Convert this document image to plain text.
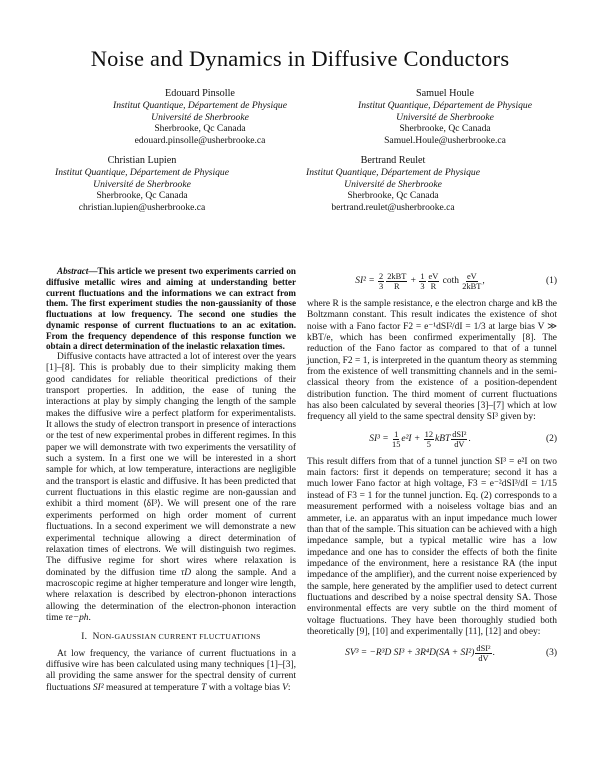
Noise and Dynamics in Diffusive Conductors
Edouard Pinsolle
Institut Quantique, Département de Physique
Université de Sherbrooke
Sherbrooke, Qc Canada
edouard.pinsolle@usherbrooke.ca
Samuel Houle
Institut Quantique, Département de Physique
Université de Sherbrooke
Sherbrooke, Qc Canada
Samuel.Houle@usherbrooke.ca
Christian Lupien
Institut Quantique, Département de Physique
Université de Sherbrooke
Sherbrooke, Qc Canada
christian.lupien@usherbrooke.ca
Bertrand Reulet
Institut Quantique, Département de Physique
Université de Sherbrooke
Sherbrooke, Qc Canada
bertrand.reulet@usherbrooke.ca

Abstract—This article we present two experiments carried on diffusive metallic wires and aiming at understanding better current fluctuations and the informations we can extract from them. The first experiment studies the non-gaussianity of those fluctuations at low frequency. The second one studies the dynamic response of current fluctuations to an ac exitation. From the frequency dependence of this response function we obtain a direct determination of the inelastic relaxation times.

Diffusive contacts have attracted a lot of interest over the years [1]–[8]. This is probably due to their simplicity making them good candidates for reliable theoritical predictions of their transport properties. In addition, the ease of tuning the interactions at play by simply changing the length of the sample makes the diffusive wire a perfect platform for experimentalists. It allows the study of electron transport in presence of interactions or the test of new experimental probes in different regimes. In this paper we will demonstrate with two experiments the versatility of such a system. In a first one we will be interested in a short sample for which, at low temperature, interactions are negligible and the transport is elastic and diffusive. It has been predicted that current fluctuations in this elastic regime are non-gaussian and exhibit a third moment ⟨δI³⟩. We will present one of the rare experiments performed on high order moment of current fluctuations. In a second experiment we will demonstrate a new experimental technique allowing a direct determination of relaxation times of electrons. We will distinguish two regimes. The diffusive regime for short wires where relaxation is dominated by the diffusion time τD along the sample. And a macroscopic regime at higher temperature and longer wire length, where relaxation is described by electron-phonon interactions allowing the determination of the electron-phonon interaction time τe−ph.

I. NON-GAUSSIAN CURRENT FLUCTUATIONS

At low frequency, the variance of current fluctuations in a diffusive wire has been calculated using many techniques [1]–[3], all providing the same answer for the spectral density of current fluctuations SI² measured at temperature T with a voltage bias V:

SI² =
$\frac{2}{3} 2kBT$
R

+
$\frac{1}{3} \frac{eV}{R}$
coth
eV
2kBT
,	(1)

where R is the sample resistance, e the electron charge and kB the Boltzmann constant. This result indicates the existence of shot noise with a Fano factor F2 = e⁻¹dSI²/dI = 1/3 at large bias V ≫ kBT/e, which has been confirmed experimentally [8]. The reduction of the Fano factor as compared to that of a tunnel junction, F2 = 1, is interpreted in the quantum theory as stemming from the existence of well transmitting channels and in the semi-classical theory from the existence of a position-dependent distribution function. The third moment of current fluctuations has also been calculated by several theories [3]–[7] which at low frequency all yield to the same spectral density SI³ given by:

SI³ =
$\frac{1}{15} e^2I$ +
$\frac{12}{5}$ kBT dSI²
dV
.	(2)

This result differs from that of a tunnel junction SI³ = e²I on two main factors: first it depends on temperature; second it has a much lower Fano factor at high voltage, F3 = e⁻²dSI³/dI = 1/15 instead of F3 = 1 for the tunnel junction. Eq. (2) corresponds to a measurement performed with a noiseless voltage bias and an ammeter, i.e. an apparatus with an input impedance much lower than that of the sample. This situation can be achieved with a high impedance sample, but a typical metallic wire has a low impedance and one has to consider the effects of both the finite impedance of the environment, here a resistance RA (the input impedance of the amplifier), and the current noise experienced by the sample, here generated by the amplifier used to detect current fluctuations and described by a noise spectral density SA. Those environmental effects are very subtle on the third moment of voltage fluctuations. They have been thoroughly studied both theoretically [9], [10] and experimentally [11], [12] and obey:

SV³ = −R³D SI³ + 3R⁴D(SA + SI²) dSI²
dV
.	(3)
